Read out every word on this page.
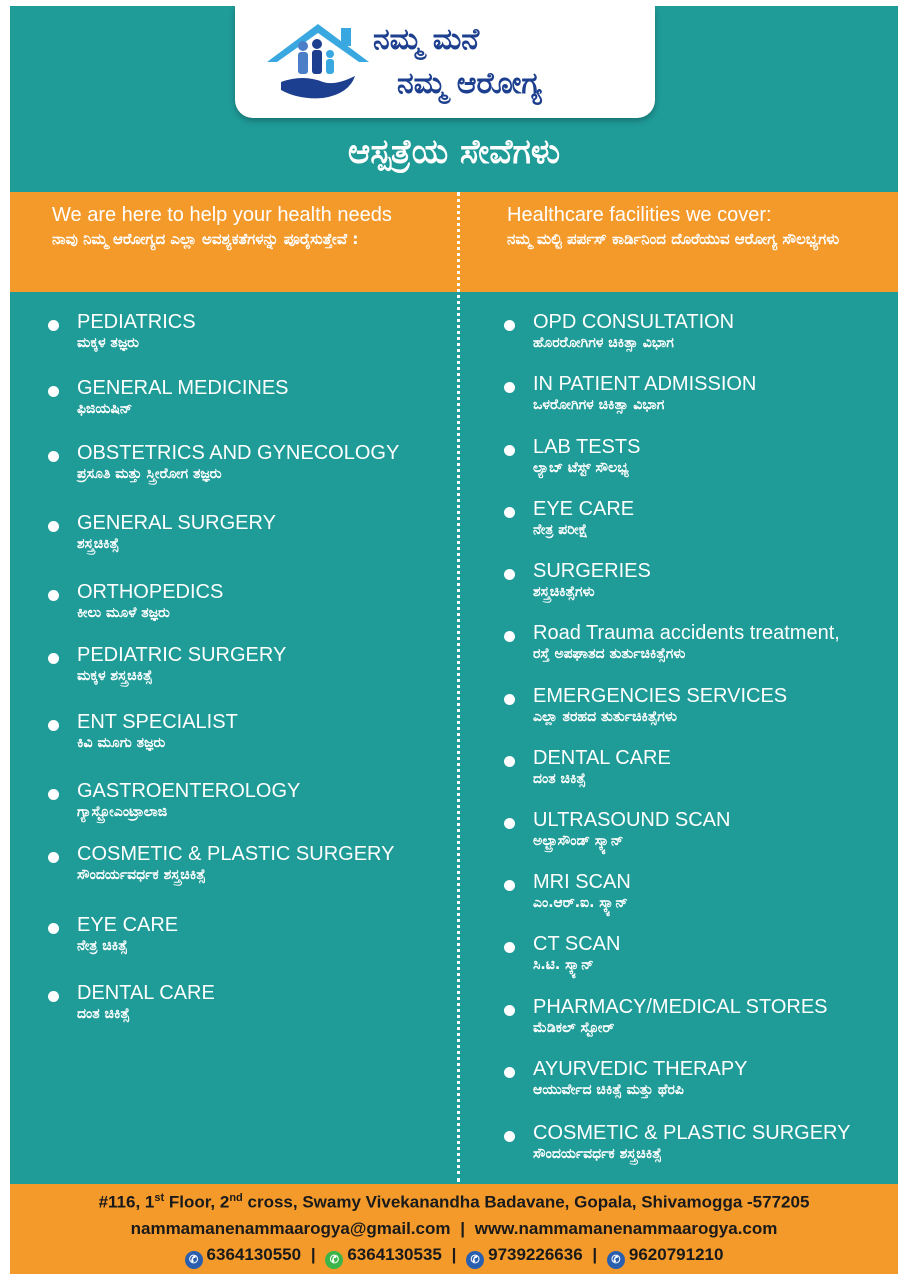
ನಮ್ಮ ಮನೆ
ನಮ್ಮ ಆರೋಗ್ಯ
ಆಸ್ಪತ್ರೆಯ ಸೇವೆಗಳು
We are here to help your health needs
ನಾವು ನಿಮ್ಮ ಆರೋಗ್ಯದ ಎಲ್ಲಾ ಅವಶ್ಯಕತೆಗಳನ್ನು ಪೂರೈಸುತ್ತೇವೆ :
Healthcare facilities we cover:
ನಮ್ಮ ಮಲ್ಟಿ ಪರ್ಪಸ್ ಕಾರ್ಡಿನಿಂದ ದೊರೆಯುವ ಆರೋಗ್ಯ ಸೌಲಭ್ಯಗಳು
PEDIATRICS
ಮಕ್ಕಳ ತಜ್ಞರು
GENERAL MEDICINES
ಫಿಜಿಯಷಿನ್
OBSTETRICS AND GYNECOLOGY
ಪ್ರಸೂತಿ ಮತ್ತು ಸ್ತ್ರೀರೋಗ ತಜ್ಞರು
GENERAL SURGERY
ಶಸ್ತ್ರಚಿಕಿತ್ಸೆ
ORTHOPEDICS
ಕೀಲು ಮೂಳೆ ತಜ್ಞರು
PEDIATRIC SURGERY
ಮಕ್ಕಳ ಶಸ್ತ್ರಚಿಕಿತ್ಸೆ
ENT SPECIALIST
ಕಿವಿ ಮೂಗು ತಜ್ಞರು
GASTROENTEROLOGY
ಗ್ಯಾಸ್ಟ್ರೋಎಂಟ್ರಾಲಾಜಿ
COSMETIC & PLASTIC SURGERY
ಸೌಂದರ್ಯವರ್ಧಕ ಶಸ್ತ್ರಚಿಕಿತ್ಸೆ
EYE CARE
ನೇತ್ರ ಚಿಕಿತ್ಸೆ
DENTAL CARE
ದಂತ ಚಿಕಿತ್ಸೆ
OPD CONSULTATION
ಹೊರರೋಗಿಗಳ ಚಿಕಿತ್ಸಾ ವಿಭಾಗ
IN PATIENT ADMISSION
ಒಳರೋಗಿಗಳ ಚಿಕಿತ್ಸಾ ವಿಭಾಗ
LAB TESTS
ಲ್ಯಾಬ್ ಟೆಸ್ಟ್ ಸೌಲಭ್ಯ
EYE CARE
ನೇತ್ರ ಪರೀಕ್ಷೆ
SURGERIES
ಶಸ್ತ್ರಚಿಕಿತ್ಸೆಗಳು
Road Trauma accidents treatment,
ರಸ್ತೆ ಅಪಘಾತದ ತುರ್ತುಚಿಕಿತ್ಸೆಗಳು
EMERGENCIES SERVICES
ಎಲ್ಲಾ ತರಹದ ತುರ್ತುಚಿಕಿತ್ಸೆಗಳು
DENTAL CARE
ದಂತ ಚಿಕಿತ್ಸೆ
ULTRASOUND SCAN
ಅಲ್ಟ್ರಾಸೌಂಡ್ ಸ್ಕ್ಯಾನ್
MRI SCAN
ಎಂ.ಆರ್.ಐ. ಸ್ಕ್ಯಾನ್
CT SCAN
ಸಿ.ಟಿ. ಸ್ಕ್ಯಾನ್
PHARMACY/MEDICAL STORES
ಮೆಡಿಕಲ್ ಸ್ಟೋರ್
AYURVEDIC THERAPY
ಆಯುರ್ವೇದ ಚಿಕಿತ್ಸೆ ಮತ್ತು ಥೆರಪಿ
COSMETIC & PLASTIC SURGERY
ಸೌಂದರ್ಯವರ್ಧಕ ಶಸ್ತ್ರಚಿಕಿತ್ಸೆ
#116, 1st Floor, 2nd cross, Swamy Vivekanandha Badavane, Gopala, Shivamogga -577205
nammamanenammaarogya@gmail.com | www.nammamanenammaarogya.com
✆ 6364130550 | ✆ 6364130535 | ✆ 9739226636 | ✆ 9620791210
